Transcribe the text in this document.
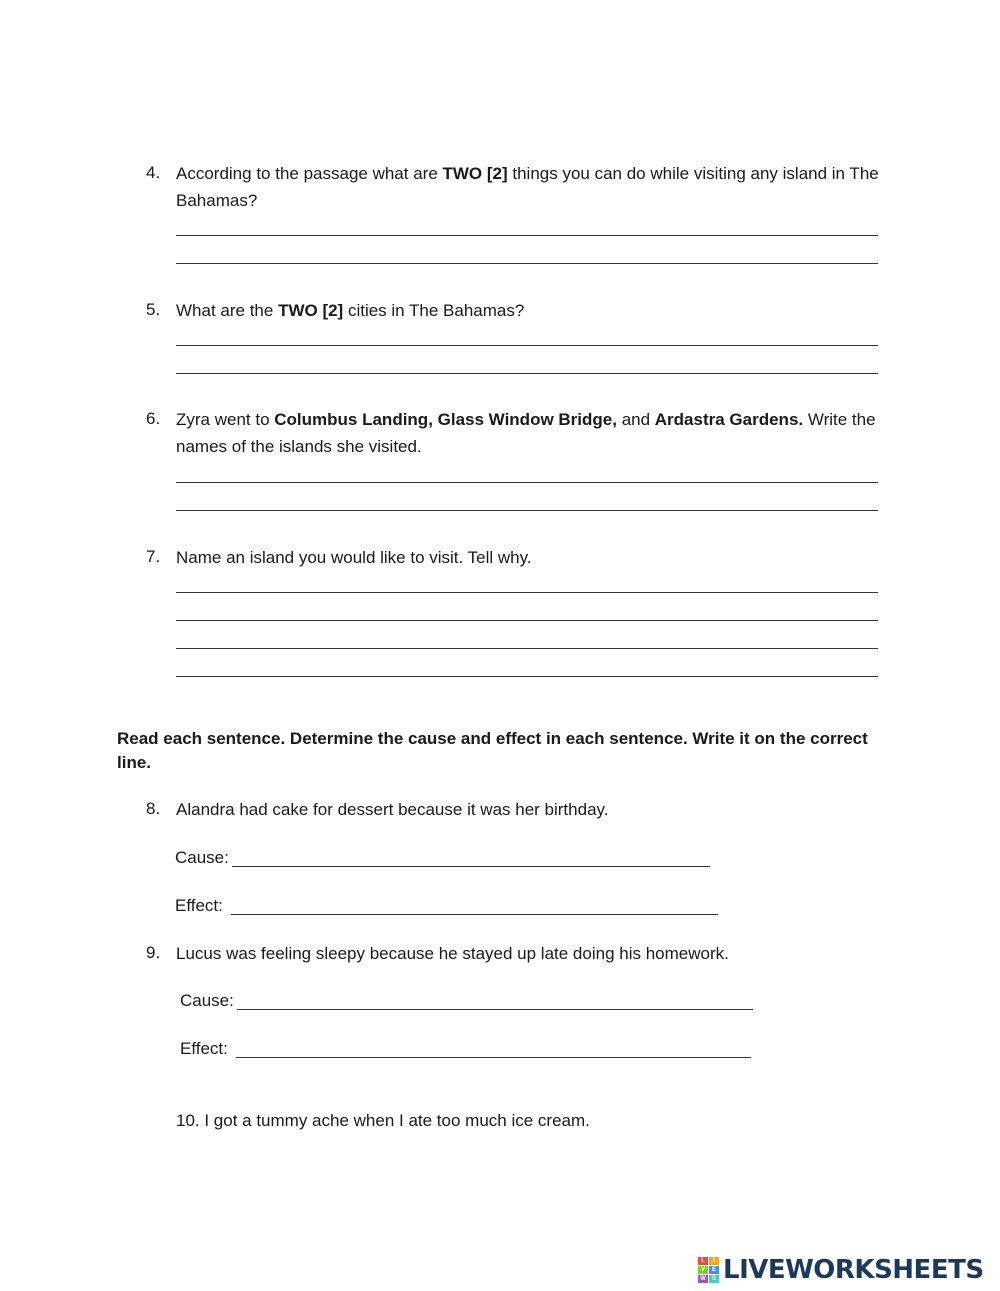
4. According to the passage what are TWO [2] things you can do while visiting any island in The Bahamas?
5. What are the TWO [2] cities in The Bahamas?
6. Zyra went to Columbus Landing, Glass Window Bridge, and Ardastra Gardens. Write the names of the islands she visited.
7. Name an island you would like to visit. Tell why.
Read each sentence. Determine the cause and effect in each sentence. Write it on the correct line.
8. Alandra had cake for dessert because it was her birthday.
Cause:
Effect:
9. Lucus was feeling sleepy because he stayed up late doing his homework.
Cause:
Effect:
10. I got a tummy ache when I ate too much ice cream.
L	I
V	E
W	S LIVEWORKSHEETS
